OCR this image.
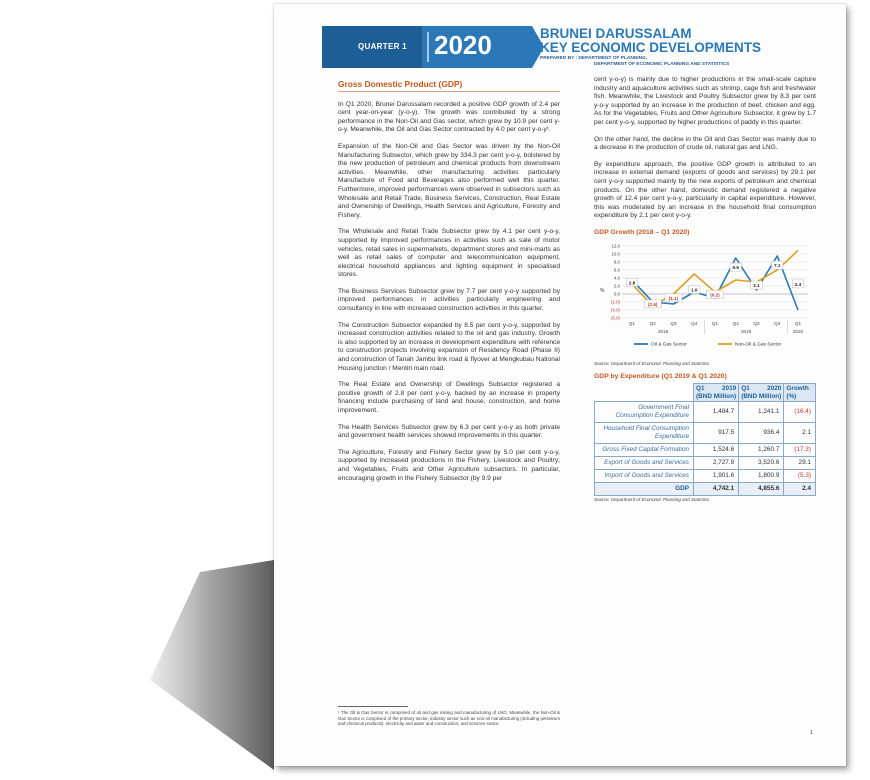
QUARTER 1	2020	BRUNEI DARUSSALAM
KEY ECONOMIC DEVELOPMENTS
PREPARED BY : DEPARTMENT OF PLANNING,
DEPARTMENT OF ECONOMIC PLANNING AND STATISTICS
Gross Domestic Product (GDP)

In Q1 2020, Brunei Darussalam recorded a positive GDP growth of 2.4 per cent year-on-year (y-o-y). The growth was contributed by a strong performance in the Non-Oil and Gas sector, which grew by 10.9 per cent y-o-y. Meanwhile, the Oil and Gas Sector contracted by 4.0 per cent y-o-y¹.

Expansion of the Non-Oil and Gas Sector was driven by the Non-Oil Manufacturing Subsector, which grew by 334.3 per cent y-o-y, bolstered by the new production of petroleum and chemical products from downstream activities. Meanwhile, other manufacturing activities particularly Manufacture of Food and Beverages also performed well this quarter. Furthermore, improved performances were observed in subsectors such as Wholesale and Retail Trade, Business Services, Construction, Real Estate and Ownership of Dwellings, Health Services and Agriculture, Forestry and Fishery.

The Wholesale and Retail Trade Subsector grew by 4.1 per cent y-o-y, supported by improved performances in activities such as sale of motor vehicles, retail sales in supermarkets, department stores and mini-marts as well as retail sales of computer and telecommunication equipment, electrical household appliances and lighting equipment in specialised stores.

The Business Services Subsector grew by 7.7 per cent y-o-y supported by improved performances in activities particularly engineering and consultancy in line with increased construction activities in this quarter.

The Construction Subsector expanded by 8.5 per cent y-o-y, supported by increased construction activities related to the oil and gas industry. Growth is also supported by an increase in development expenditure with reference to construction projects involving expansion of Residency Road (Phase II) and construction of Tanah Jambu link road & flyover at Mengkubau National Housing junction / Mentiri main road.

The Real Estate and Ownership of Dwellings Subsector registered a positive growth of 2.8 per cent y-o-y, backed by an increase in property financing include purchasing of land and house, construction, and home improvement.

The Health Services Subsector grew by 6.3 per cent y-o-y as both private and government health services showed improvements in this quarter.

The Agriculture, Forestry and Fishery Sector grew by 5.0 per cent y-o-y, supported by increased productions in the Fishery, Livestock and Poultry; and Vegetables, Fruits and Other Agriculture subsectors. In particular, encouraging growth in the Fishery Subsector (by 9.9 per

cent y-o-y) is mainly due to higher productions in the small-scale capture industry and aquaculture activities such as shrimp, cage fish and freshwater fish. Meanwhile, the Livestock and Poultry Subsector grew by 8.3 per cent y-o-y supported by an increase in the production of beef, chicken and egg. As for the Vegetables, Fruits and Other Agriculture Subsector, it grew by 1.7 per cent y-o-y, supported by higher productions of paddy in this quarter.

On the other hand, the decline in the Oil and Gas Sector was mainly due to a decrease in the production of crude oil, natural gas and LNG.

By expenditure approach, the positive GDP growth is attributed to an increase in external demand (exports of goods and services) by 29.1 per cent y-o-y supported mainly by the new exports of petroleum and chemical products. On the other hand, domestic demand registered a negative growth of 12.4 per cent y-o-y, particularly in capital expenditure. However, this was moderated by an increase in the household final consumption expenditure by 2.1 per cent y-o-y.

GDP Growth (2018 – Q1 2020)
12.0
10.0
8.0
6.0
4.0
2.0
0.0
(2.0)
(4.0)
(6.0)
%
2.8
(2.6)
(1.1)
1.0
(0.2)
6.6
2.1
7.1
2.4
Q1	Q2	Q3	Q4	Q1	Q2	Q3	Q4	Q1
2018	2019	2020
Oil & Gas Sector	Non-Oil & Gas Sector
Source: Department of Economic Planning and Statistics
GDP by Expenditure (Q1 2019 & Q1 2020)
	Q1 2019 (BND Million)	Q1 2020 (BND Million)	Growth (%)
Government Final Consumption Expenditure	1,484.7	1,241.1	(16.4)
Household Final Consumption Expenditure	917.5	936.4	2.1
Gross Fixed Capital Formation	1,524.6	1,260.7	(17.3)
Export of Goods and Services	2,727.9	3,520.6	29.1
Import of Goods and Services	1,901.6	1,800.9	(5.3)
GDP	4,742.1	4,855.6	2.4
Source: Department of Economic Planning and Statistics
¹ The Oil & Gas Sector is comprised of oil and gas mining and manufacturing of LNG. Meanwhile, the Non-Oil & Gas Sector is comprised of the primary sector, industry sector such as non-oil manufacturing (including petroleum and chemical products), electricity and water and construction; and services sector.
1
